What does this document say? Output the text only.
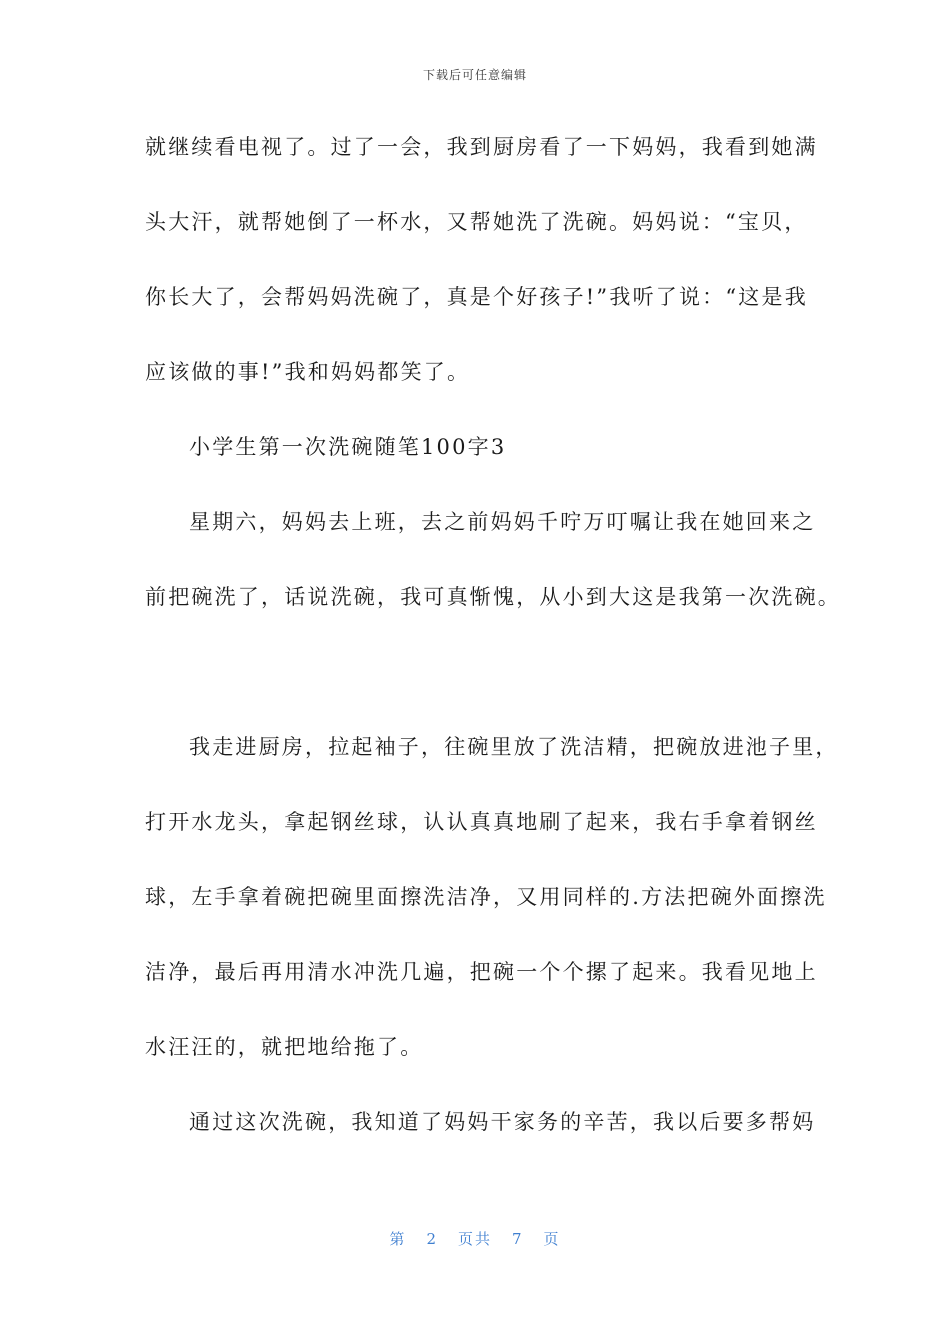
下载后可任意编辑
就继续看电视了。过了一会，我到厨房看了一下妈妈，我看到她满
头大汗，就帮她倒了一杯水，又帮她洗了洗碗。妈妈说：“宝贝，
你长大了，会帮妈妈洗碗了，真是个好孩子!”我听了说：“这是我
应该做的事!”我和妈妈都笑了。
小学生第一次洗碗随笔100字3
星期六，妈妈去上班，去之前妈妈千咛万叮嘱让我在她回来之
前把碗洗了，话说洗碗，我可真惭愧，从小到大这是我第一次洗碗。
我走进厨房，拉起袖子，往碗里放了洗洁精，把碗放进池子里，
打开水龙头，拿起钢丝球，认认真真地刷了起来，我右手拿着钢丝
球，左手拿着碗把碗里面擦洗洁净，又用同样的.方法把碗外面擦洗
洁净，最后再用清水冲洗几遍，把碗一个个摞了起来。我看见地上
水汪汪的，就把地给拖了。
通过这次洗碗，我知道了妈妈干家务的辛苦，我以后要多帮妈
第 2 页共 7 页
